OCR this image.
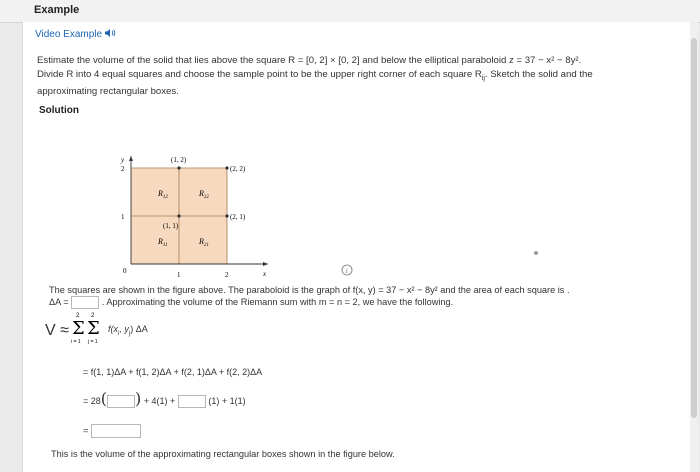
Example
Video Example
Estimate the volume of the solid that lies above the square R = [0, 2] × [0, 2] and below the elliptical paraboloid z = 37 − x² − 8y².
Divide R into 4 equal squares and choose the sample point to be the upper right corner of each square $R_{ij}$. Sketch the solid and the
approximating rectangular boxes.
Solution
y
x
0	1	2
1
2
(1, 2)
(2, 2)
(2, 1)
(1, 1)
$R_{12}$	$R_{22}$
$R_{11}$	$R_{21}$
i
The squares are shown in the figure above. The paraboloid is the graph of f(x, y) = 37 − x² − 8y² and the area of each square is .
ΔA =	. Approximating the volume of the Riemann sum with m = n = 2, we have the following.
V ≈
2 2
Σ Σ
i = 1 j = 1
$f(x_i$, $y_j$) ΔA
= f(1, 1)ΔA + f(1, 2)ΔA + f(2, 1)ΔA + f(2, 2)ΔA
= 28( ) + 4(1) +	(1) + 1(1)
=
This is the volume of the approximating rectangular boxes shown in the figure below.
